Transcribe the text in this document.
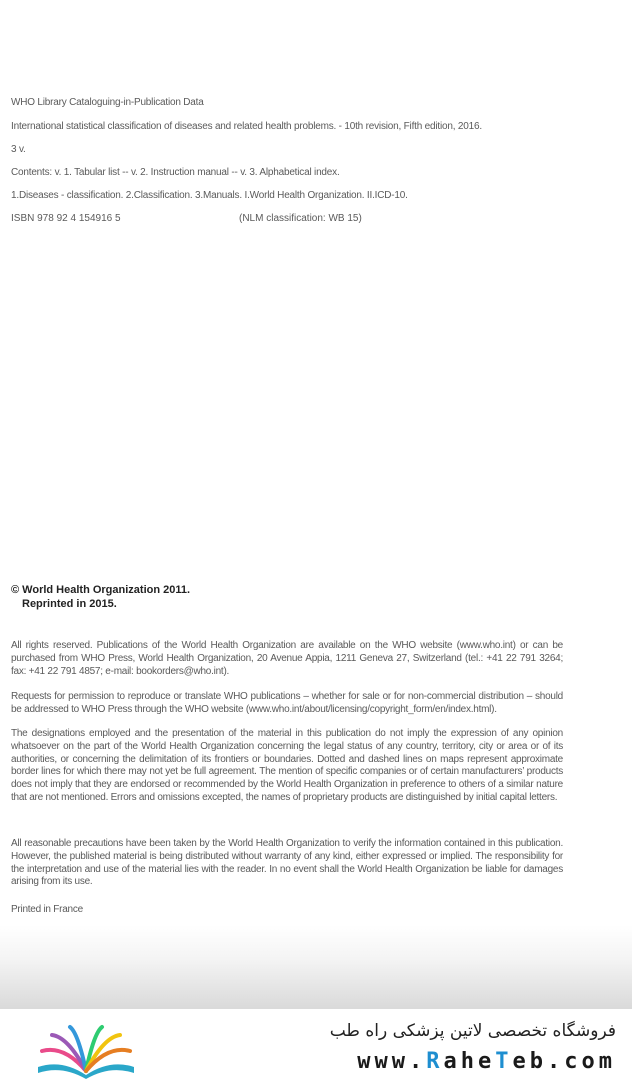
WHO Library Cataloguing-in-Publication Data
International statistical classification of diseases and related health problems. - 10th revision, Fifth edition, 2016.
3 v.
Contents: v. 1. Tabular list -- v. 2. Instruction manual -- v. 3. Alphabetical index.
1.Diseases - classification. 2.Classification. 3.Manuals. I.World Health Organization. II.ICD-10.
ISBN 978 92 4 154916 5	(NLM classification: WB 15)
© World Health Organization 2011.
Reprinted in 2015.
All rights reserved. Publications of the World Health Organization are available on the WHO website (www.who.int) or can be purchased from WHO Press, World Health Organization, 20 Avenue Appia, 1211 Geneva 27, Switzerland (tel.: +41 22 791 3264; fax: +41 22 791 4857; e-mail: bookorders@who.int).
Requests for permission to reproduce or translate WHO publications – whether for sale or for non-commercial distribution – should be addressed to WHO Press through the WHO website (www.who.int/about/licensing/copyright_form/en/index.html).
The designations employed and the presentation of the material in this publication do not imply the expression of any opinion whatsoever on the part of the World Health Organization concerning the legal status of any country, territory, city or area or of its authorities, or concerning the delimitation of its frontiers or boundaries. Dotted and dashed lines on maps represent approximate border lines for which there may not yet be full agreement. The mention of specific companies or of certain manufacturers’ products does not imply that they are endorsed or recommended by the World Health Organization in preference to others of a similar nature that are not mentioned. Errors and omissions excepted, the names of proprietary products are distinguished by initial capital letters.
All reasonable precautions have been taken by the World Health Organization to verify the information contained in this publication. However, the published material is being distributed without warranty of any kind, either expressed or implied. The responsibility for the interpretation and use of the material lies with the reader. In no event shall the World Health Organization be liable for damages arising from its use.
Printed in France
فروشگاه تخصصی لاتین پزشکی راه طب
www.RaheTeb.com
